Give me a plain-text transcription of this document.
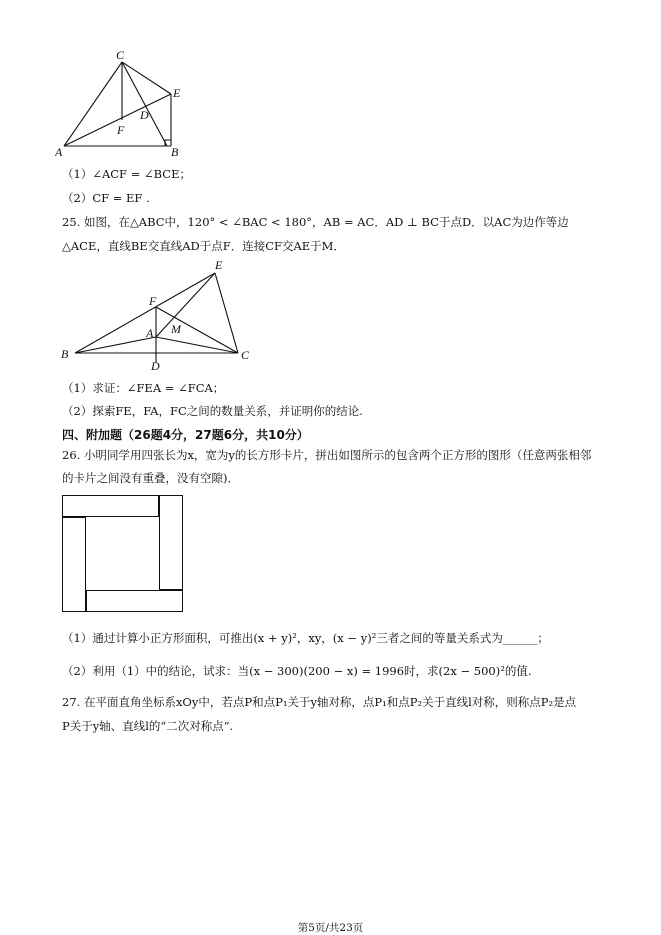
C
E
D
F
A	B
（1）∠ACF = ∠BCE；
（2）CF = EF .
25. 如图，在△ABC中，120° < ∠BAC < 180°，AB = AC．AD ⊥ BC于点D．以AC为边作等边
△ACE，直线BE交直线AD于点F．连接CF交AE于M．
E
F
A M
B
D
C
（1）求证：∠FEA = ∠FCA；
（2）探索FE，FA，FC之间的数量关系，并证明你的结论.
四、附加题（26题4分，27题6分，共10分）
26. 小明同学用四张长为x，宽为y的长方形卡片，拼出如图所示的包含两个正方形的图形（任意两张相邻
的卡片之间没有重叠，没有空隙)．
（1）通过计算小正方形面积，可推出(x + y)²，xy，(x − y)²三者之间的等量关系式为______；
（2）利用（1）中的结论，试求：当(x − 300)(200 − x) = 1996时，求(2x − 500)²的值.
27. 在平面直角坐标系xOy中，若点P和点P₁关于y轴对称，点P₁和点P₂关于直线l对称，则称点P₂是点
P关于y轴、直线l的“二次对称点”.
第5页/共23页
